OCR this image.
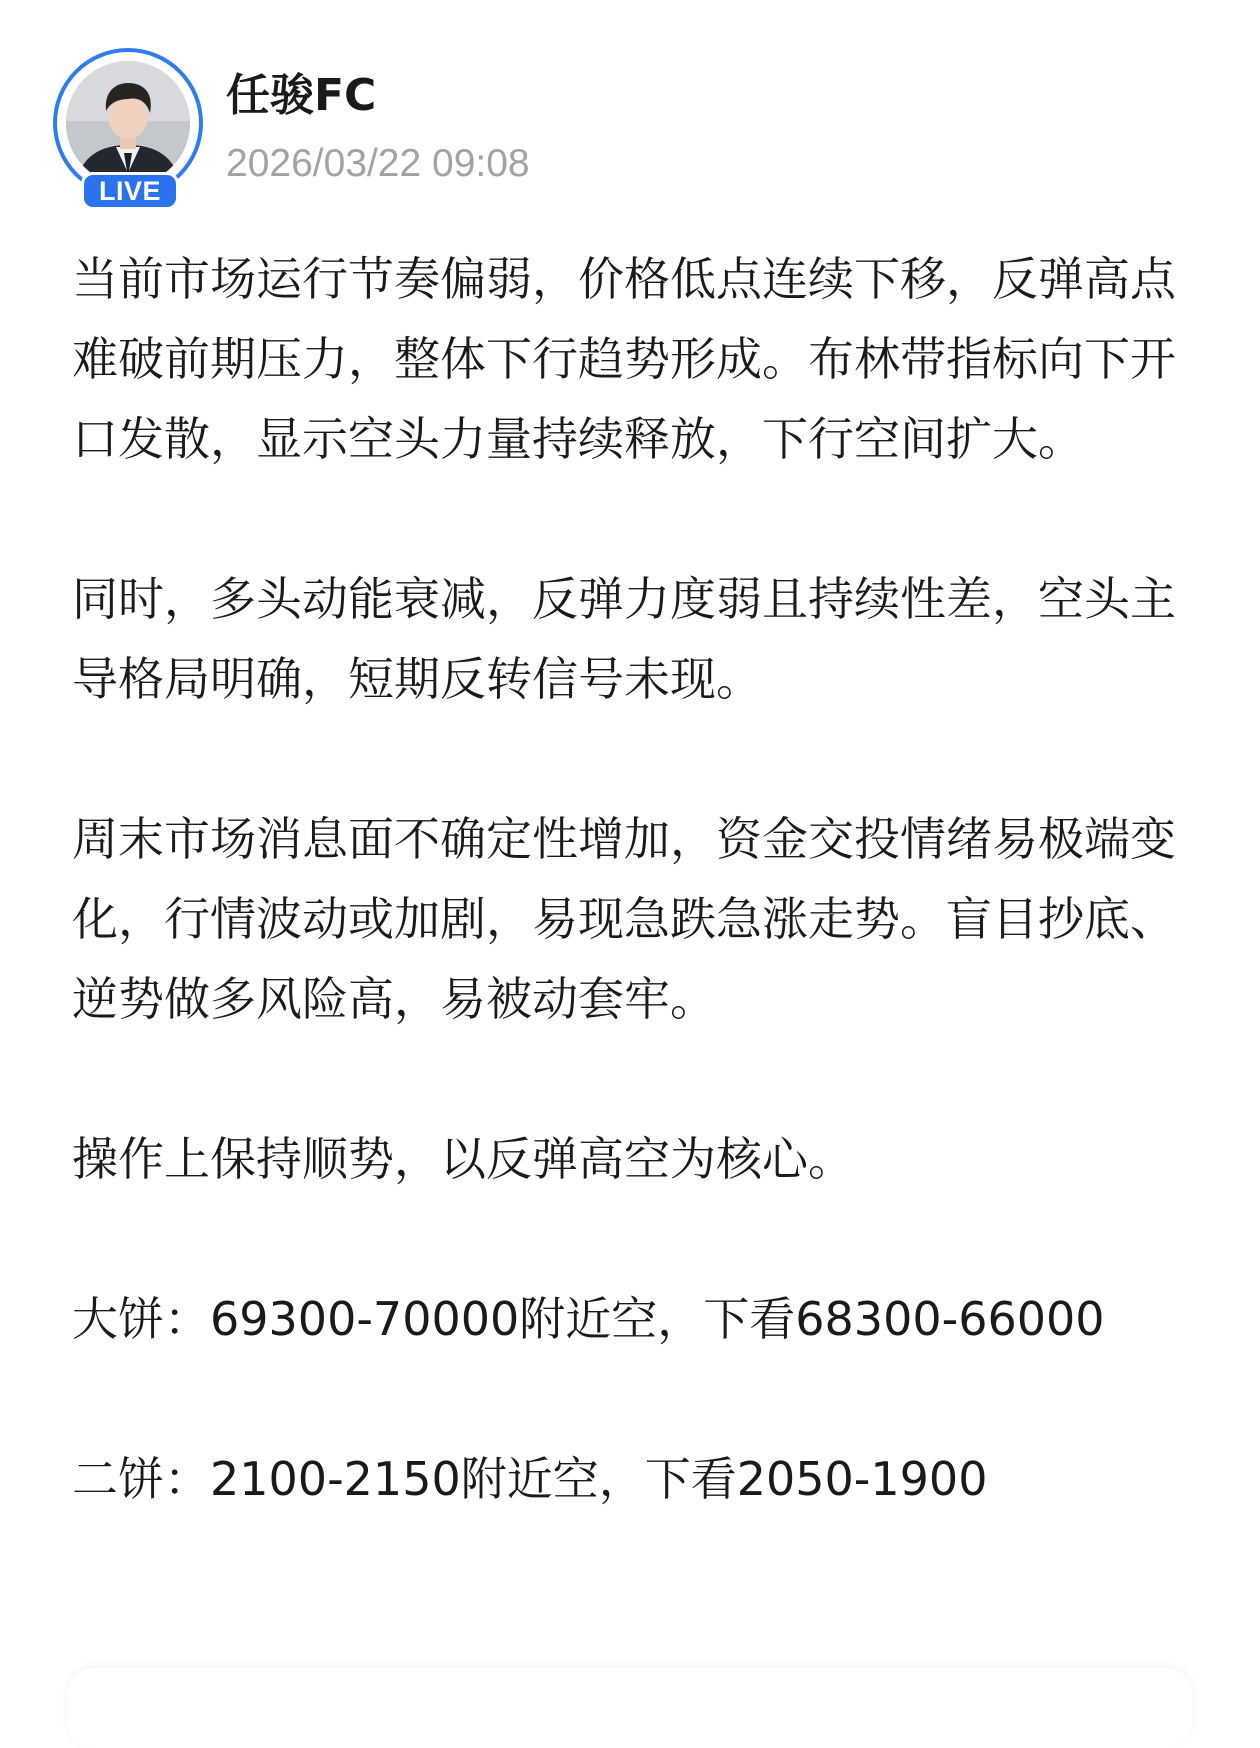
LIVE
任骏FC
2026/03/22 09:08

当前市场运行节奏偏弱，价格低点连续下移，反弹高点难破前期压力，整体下行趋势形成。布林带指标向下开口发散，显示空头力量持续释放，下行空间扩大。

同时，多头动能衰减，反弹力度弱且持续性差，空头主导格局明确，短期反转信号未现。

周末市场消息面不确定性增加，资金交投情绪易极端变化，行情波动或加剧，易现急跌急涨走势。盲目抄底、逆势做多风险高，易被动套牢。

操作上保持顺势，以反弹高空为核心。

大饼：69300-70000附近空，下看68300-66000

二饼：2100-2150附近空，下看2050-1900
